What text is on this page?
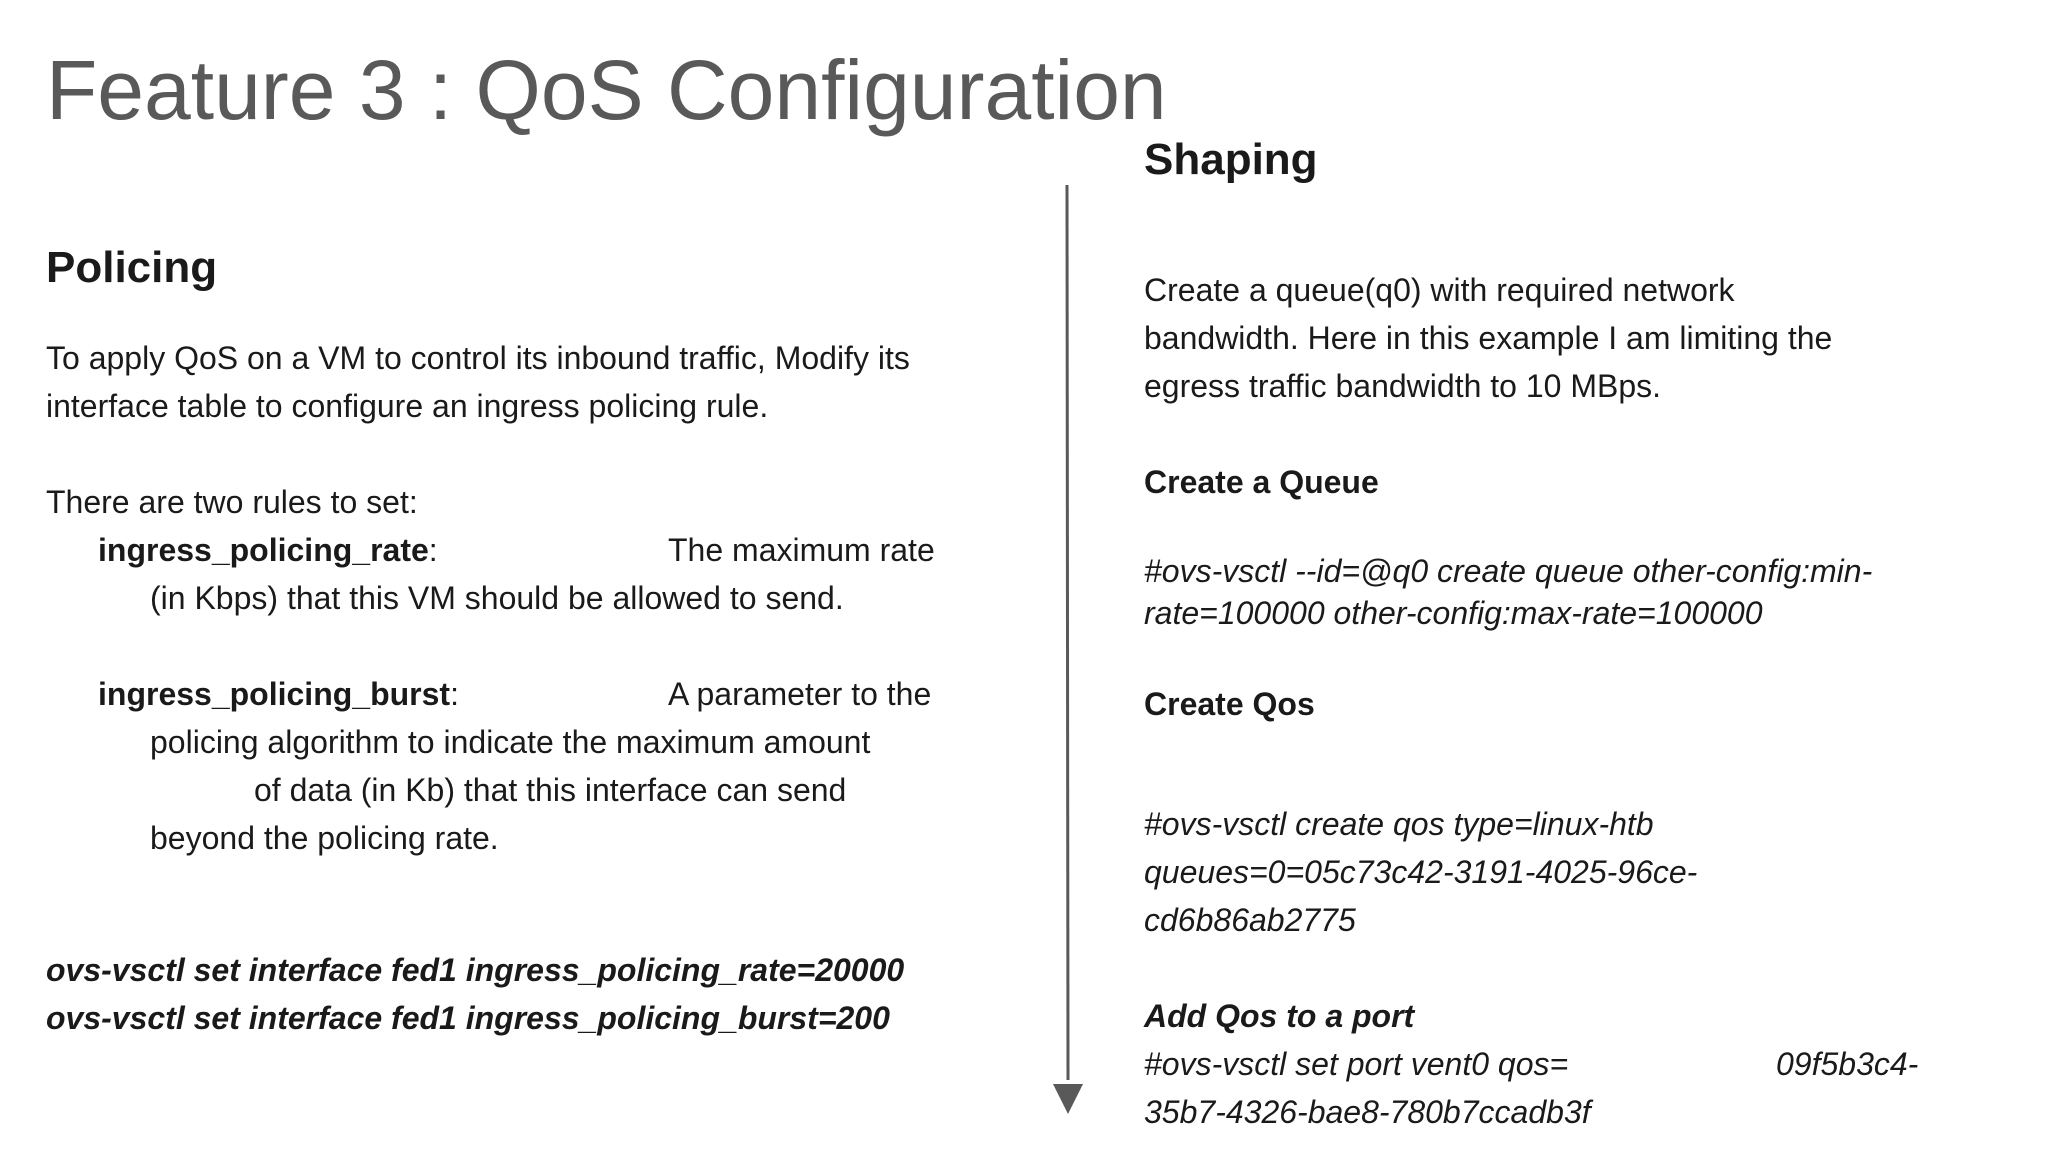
Feature 3 : QoS Configuration
Policing
To apply QoS on a VM to control its inbound traffic, Modify its
interface table to configure an ingress policing rule.
There are two rules to set:
ingress_policing_rate:	The maximum rate
(in Kbps) that this VM should be allowed to send.
ingress_policing_burst:	A parameter to the
policing algorithm to indicate the maximum amount
of data (in Kb) that this interface can send
beyond the policing rate.
ovs-vsctl set interface fed1 ingress_policing_rate=20000
ovs-vsctl set interface fed1 ingress_policing_burst=200
Shaping
Create a queue(q0) with required network
bandwidth. Here in this example I am limiting the
egress traffic bandwidth to 10 MBps.
Create a Queue
#ovs-vsctl --id=@q0 create queue other-config:min-
rate=100000 other-config:max-rate=100000
Create Qos
#ovs-vsctl create qos type=linux-htb
queues=0=05c73c42-3191-4025-96ce-
cd6b86ab2775
Add Qos to a port
#ovs-vsctl set port vent0 qos=	09f5b3c4-
35b7-4326-bae8-780b7ccadb3f
